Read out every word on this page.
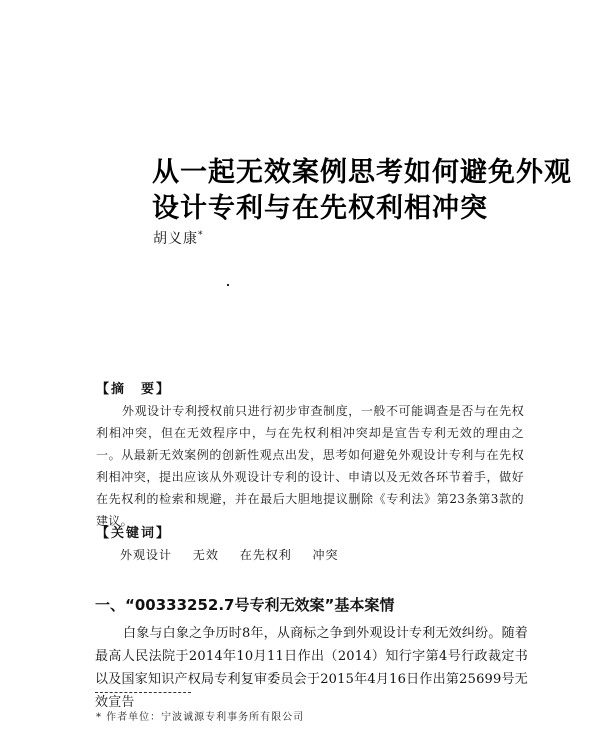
从一起无效案例思考如何避免外观
设计专利与在先权利相冲突
胡义康*
【摘　要】
外观设计专利授权前只进行初步审查制度，一般不可能调查是否与在先权利相冲突，但在无效程序中，与在先权利相冲突却是宣告专利无效的理由之一。从最新无效案例的创新性观点出发，思考如何避免外观设计专利与在先权利相冲突，提出应该从外观设计专利的设计、申请以及无效各环节着手，做好在先权利的检索和规避，并在最后大胆地提议删除《专利法》第23条第3款的建议。
【关键词】
外观设计 无效 在先权利 冲突
一、“00333252.7号专利无效案”基本案情
白象与白象之争历时8年，从商标之争到外观设计专利无效纠纷。随着最高人民法院于2014年10月11日作出（2014）知行字第4号行政裁定书以及国家知识产权局专利复审委员会于2015年4月16日作出第25699号无效宣告
* 作者单位：宁波诚源专利事务所有限公司
